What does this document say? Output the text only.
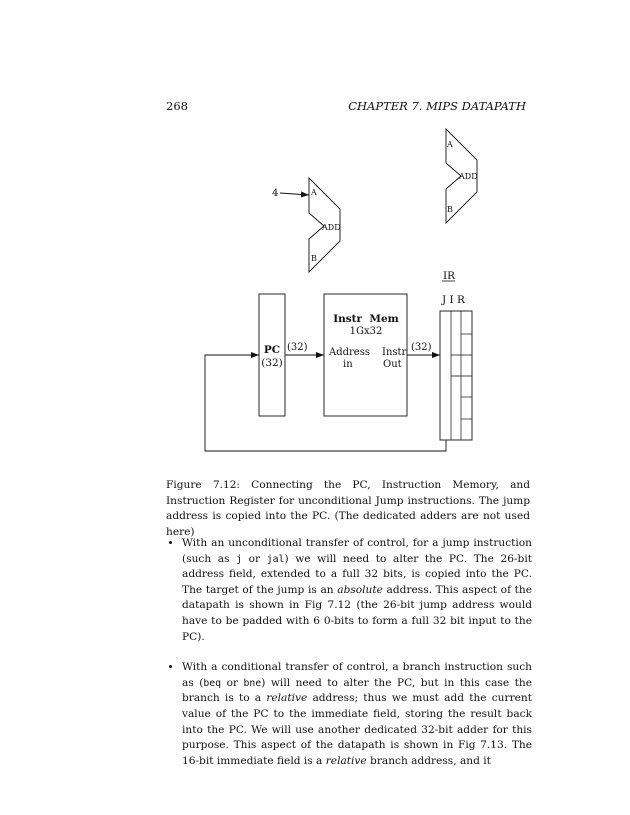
268	CHAPTER 7. MIPS DATAPATH
A
ADD
B
A
ADD
B
4
IR
J I R
PC
(32)
Instr  Mem
1Gx32
Address
in
Instr
Out
(32)	(32)
Figure 7.12: Connecting the PC, Instruction Memory, and Instruction Register for unconditional Jump instructions. The jump address is copied into the PC. (The dedicated adders are not used here)
• With an unconditional transfer of control, for a jump instruction (such as j or jal) we will need to alter the PC. The 26-bit address field, extended to a full 32 bits, is copied into the PC. The target of the jump is an absolute address. This aspect of the datapath is shown in Fig 7.12 (the 26-bit jump address would have to be padded with 6 0-bits to form a full 32 bit input to the PC).
• With a conditional transfer of control, a branch instruction such as (beq or bne) will need to alter the PC, but in this case the branch is to a relative address; thus we must add the current value of the PC to the immediate field, storing the result back into the PC. We will use another dedicated 32-bit adder for this purpose. This aspect of the datapath is shown in Fig 7.13. The 16-bit immediate field is a relative branch address, and it
